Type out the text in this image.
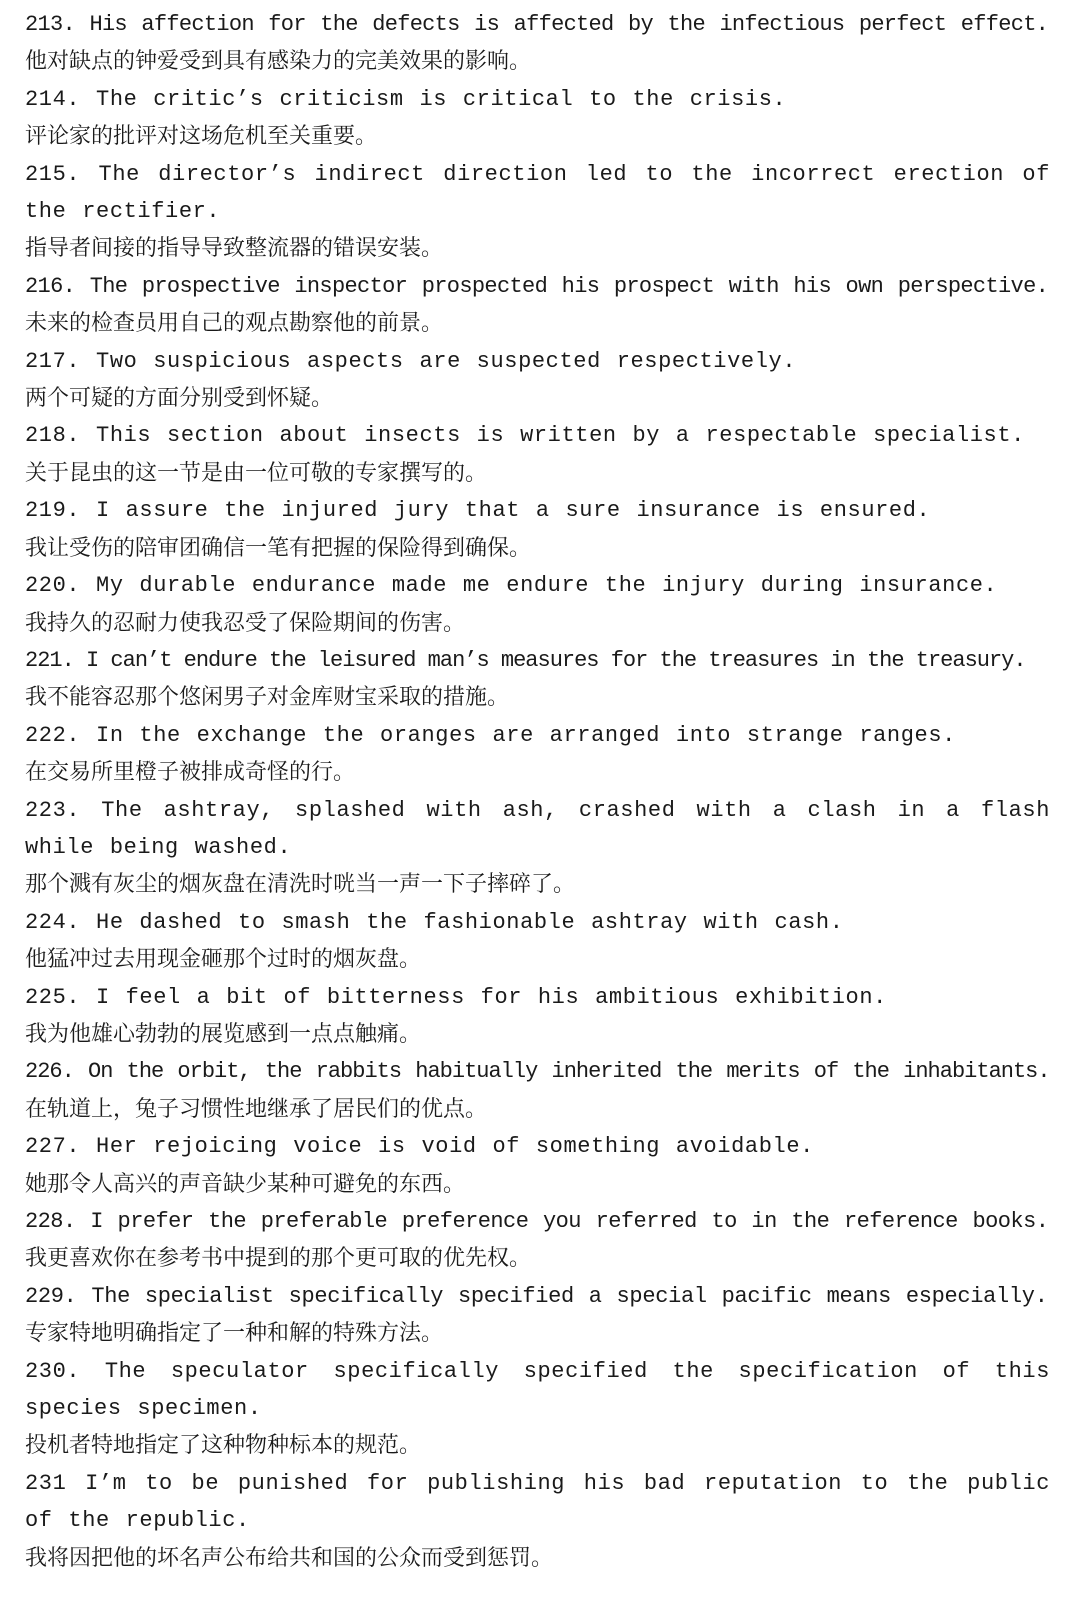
213. His affection for the defects is affected by the infectious perfect effect.
他对缺点的钟爱受到具有感染力的完美效果的影响。
214. The critic’s criticism is critical to the crisis.
评论家的批评对这场危机至关重要。
215. The director’s indirect direction led to the incorrect erection of the rectifier.
指导者间接的指导导致整流器的错误安装。
216. The prospective inspector prospected his prospect with his own perspective.
未来的检查员用自己的观点勘察他的前景。
217. Two suspicious aspects are suspected respectively.
两个可疑的方面分别受到怀疑。
218. This section about insects is written by a respectable specialist.
关于昆虫的这一节是由一位可敬的专家撰写的。
219. I assure the injured jury that a sure insurance is ensured.
我让受伤的陪审团确信一笔有把握的保险得到确保。
220. My durable endurance made me endure the injury during insurance.
我持久的忍耐力使我忍受了保险期间的伤害。
221. I can’t endure the leisured man’s measures for the treasures in the treasury.
我不能容忍那个悠闲男子对金库财宝采取的措施。
222. In the exchange the oranges are arranged into strange ranges.
在交易所里橙子被排成奇怪的行。
223. The ashtray, splashed with ash, crashed with a clash in a flash while being washed.
那个溅有灰尘的烟灰盘在清洗时咣当一声一下子摔碎了。
224. He dashed to smash the fashionable ashtray with cash.
他猛冲过去用现金砸那个过时的烟灰盘。
225. I feel a bit of bitterness for his ambitious exhibition.
我为他雄心勃勃的展览感到一点点触痛。
226. On the orbit, the rabbits habitually inherited the merits of the inhabitants.
在轨道上，兔子习惯性地继承了居民们的优点。
227. Her rejoicing voice is void of something avoidable.
她那令人高兴的声音缺少某种可避免的东西。
228. I prefer the preferable preference you referred to in the reference books.
我更喜欢你在参考书中提到的那个更可取的优先权。
229. The specialist specifically specified a special pacific means especially.
专家特地明确指定了一种和解的特殊方法。
230. The speculator specifically specified the specification of this species specimen.
投机者特地指定了这种物种标本的规范。
231 I’m to be punished for publishing his bad reputation to the public of the republic.
我将因把他的坏名声公布给共和国的公众而受到惩罚。
